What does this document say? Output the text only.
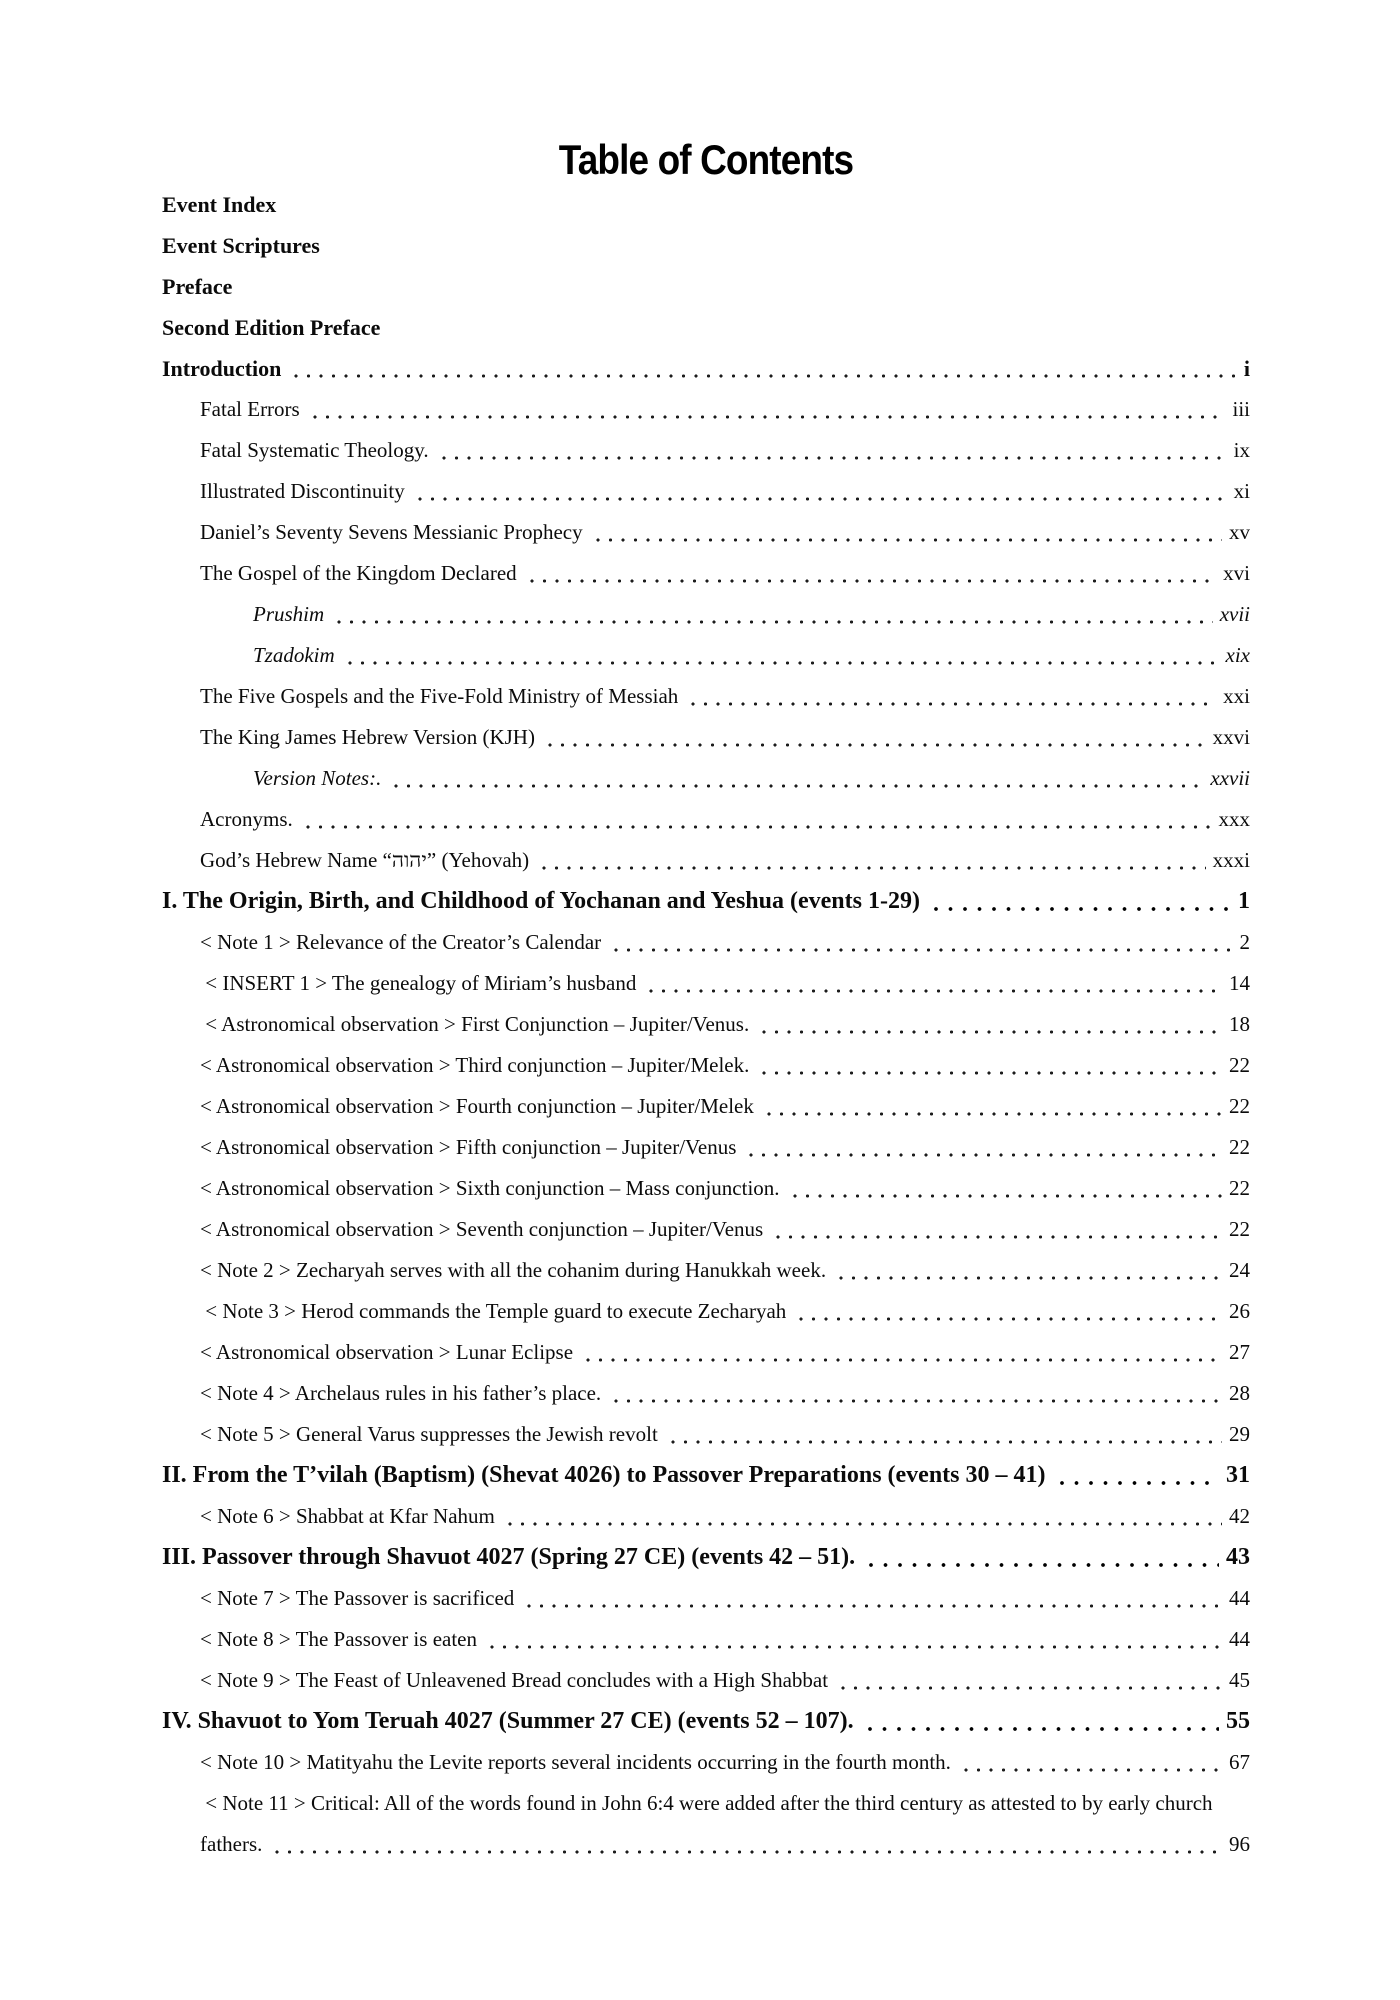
Table of Contents
Event Index
Event Scriptures
Preface
Second Edition Preface
Introduction	i
Fatal Errors	iii
Fatal Systematic Theology.	ix
Illustrated Discontinuity	xi
Daniel’s Seventy Sevens Messianic Prophecy	xv
The Gospel of the Kingdom Declared	xvi
Prushim	xvii
Tzadokim	xix
The Five Gospels and the Five-Fold Ministry of Messiah	xxi
The King James Hebrew Version (KJH)	xxvi
Version Notes:.	xxvii
Acronyms.	xxx
God’s Hebrew Name “יהוה” (Yehovah)	xxxi
I. The Origin, Birth, and Childhood of Yochanan and Yeshua (events 1-29)	1
< Note 1 > Relevance of the Creator’s Calendar	2
< INSERT 1 > The genealogy of Miriam’s husband	14
< Astronomical observation > First Conjunction – Jupiter/Venus.	18
< Astronomical observation > Third conjunction – Jupiter/Melek.	22
< Astronomical observation > Fourth conjunction – Jupiter/Melek	22
< Astronomical observation > Fifth conjunction – Jupiter/Venus	22
< Astronomical observation > Sixth conjunction – Mass conjunction.	22
< Astronomical observation > Seventh conjunction – Jupiter/Venus	22
< Note 2 > Zecharyah serves with all the cohanim during Hanukkah week.	24
< Note 3 > Herod commands the Temple guard to execute Zecharyah	26
< Astronomical observation > Lunar Eclipse	27
< Note 4 > Archelaus rules in his father’s place.	28
< Note 5 > General Varus suppresses the Jewish revolt	29
II. From the T’vilah (Baptism) (Shevat 4026) to Passover Preparations (events 30 – 41)	31
< Note 6 > Shabbat at Kfar Nahum	42
III. Passover through Shavuot 4027 (Spring 27 CE) (events 42 – 51).	43
< Note 7 > The Passover is sacrificed	44
< Note 8 > The Passover is eaten	44
< Note 9 > The Feast of Unleavened Bread concludes with a High Shabbat	45
IV. Shavuot to Yom Teruah 4027 (Summer 27 CE) (events 52 – 107).	55
< Note 10 > Matityahu the Levite reports several incidents occurring in the fourth month.	67
< Note 11 > Critical: All of the words found in John 6:4 were added after the third century as attested to by early church
fathers.	96
